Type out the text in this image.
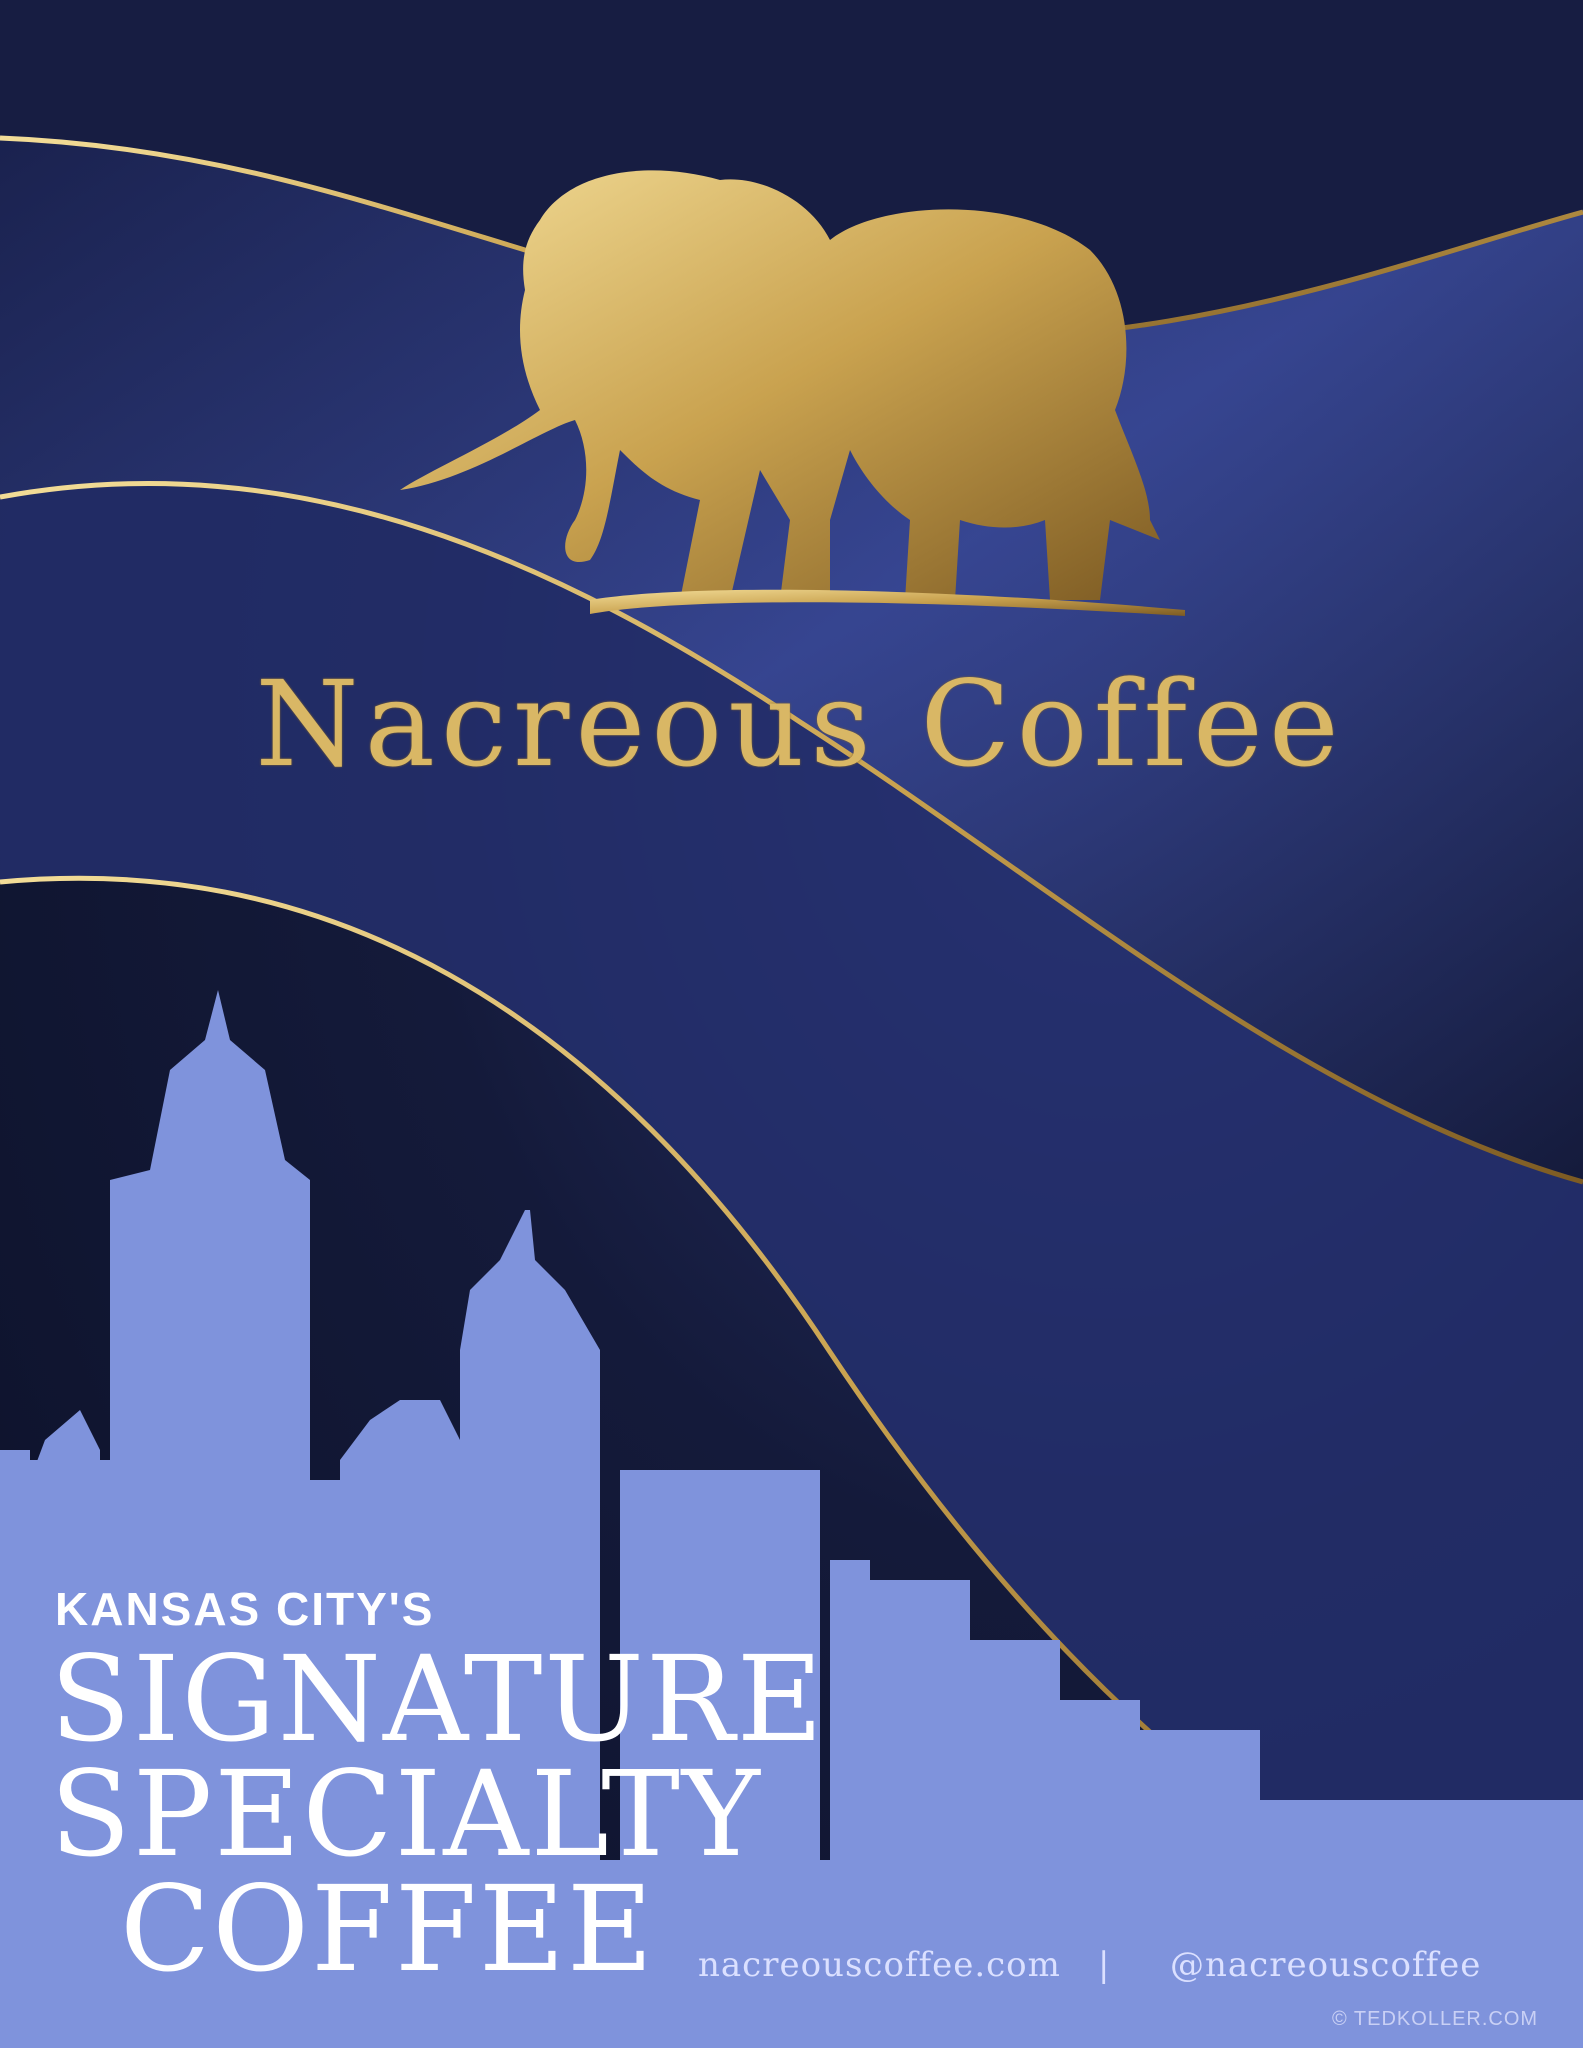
Nacreous Coffee
KANSAS CITY'S
SIGNATURE
SPECIALTY
COFFEE nacreouscoffee.com | @nacreouscoffee
© TEDKOLLER.COM
